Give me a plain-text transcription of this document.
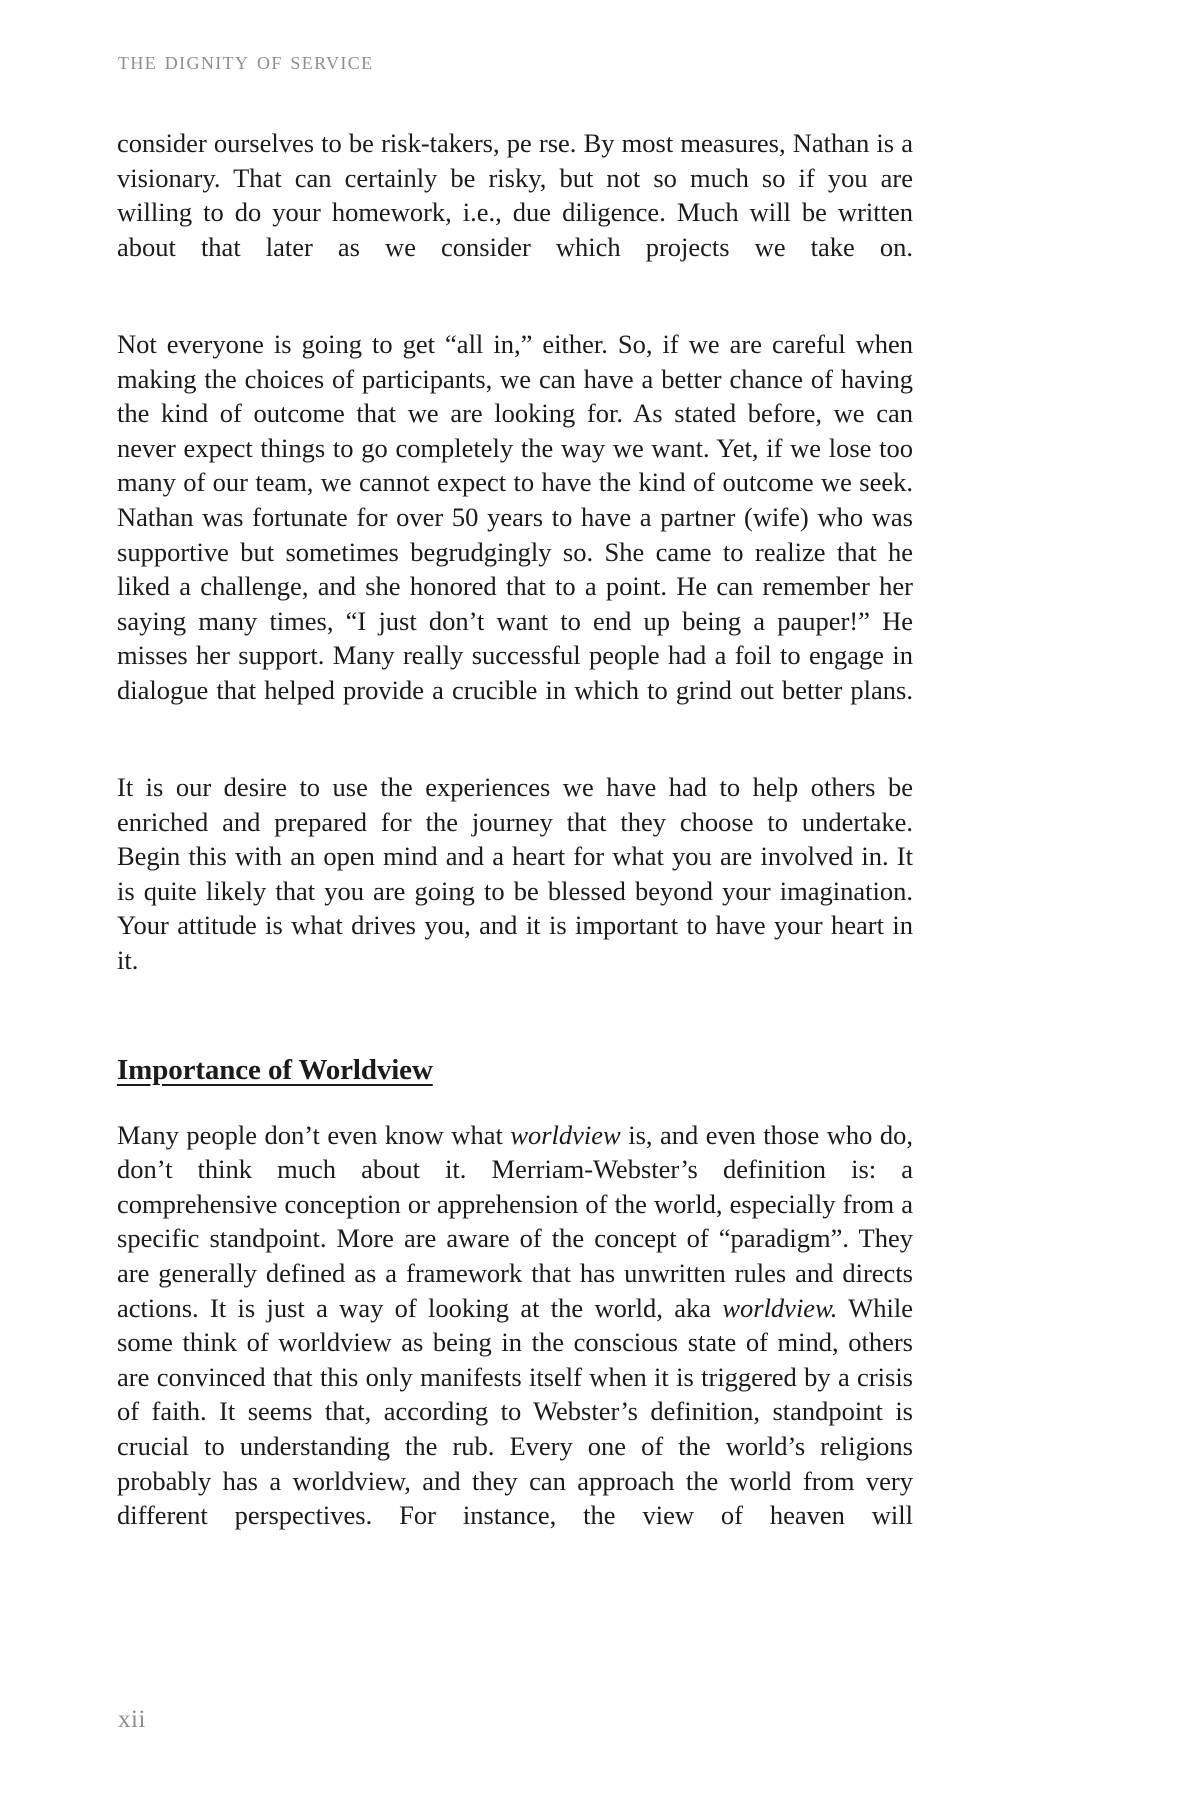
the dignity of service

consider ourselves to be risk-takers, pe rse. By most measures, Nathan is a visionary. That can certainly be risky, but not so much so if you are willing to do your homework, i.e., due diligence. Much will be written about that later as we consider which projects we take on.

Not everyone is going to get “all in,” either. So, if we are careful when making the choices of participants, we can have a better chance of having the kind of outcome that we are looking for. As stated before, we can never expect things to go completely the way we want. Yet, if we lose too many of our team, we cannot expect to have the kind of outcome we seek. Nathan was fortunate for over 50 years to have a partner (wife) who was supportive but sometimes begrudgingly so. She came to realize that he liked a challenge, and she honored that to a point. He can remember her saying many times, “I just don’t want to end up being a pauper!” He misses her support. Many really successful people had a foil to engage in dialogue that helped provide a crucible in which to grind out better plans.

It is our desire to use the experiences we have had to help others be enriched and prepared for the journey that they choose to undertake. Begin this with an open mind and a heart for what you are involved in. It is quite likely that you are going to be blessed beyond your imagination. Your attitude is what drives you, and it is important to have your heart in it.

Importance of Worldview

Many people don’t even know what worldview is, and even those who do, don’t think much about it. Merriam-Webster’s definition is: a comprehensive conception or apprehension of the world, especially from a specific standpoint. More are aware of the concept of “paradigm”. They are generally defined as a framework that has unwritten rules and directs actions. It is just a way of looking at the world, aka worldview. While some think of worldview as being in the conscious state of mind, others are convinced that this only manifests itself when it is triggered by a crisis of faith. It seems that, according to Webster’s definition, standpoint is crucial to understanding the rub. Every one of the world’s religions probably has a worldview, and they can approach the world from very different perspectives. For instance, the view of heaven will

xii
